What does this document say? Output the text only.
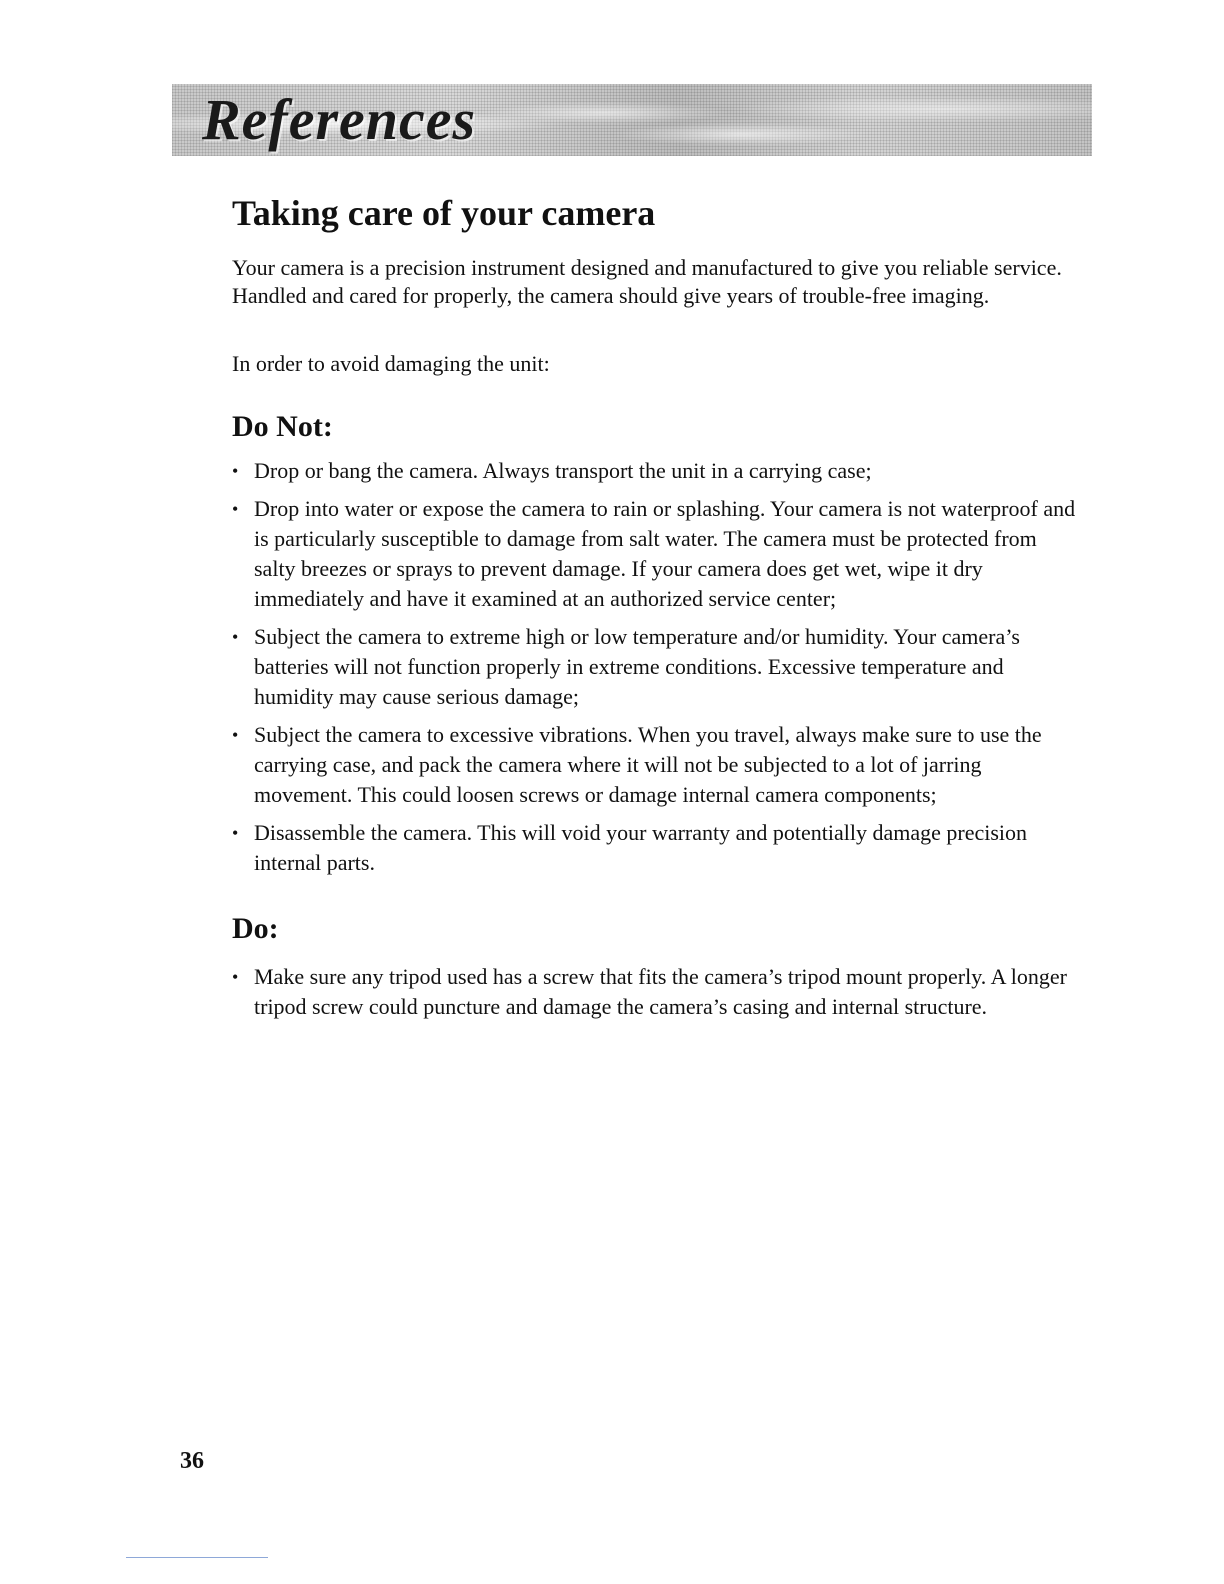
References
Taking care of your camera

Your camera is a precision instrument designed and manufactured to give you reliable service. Handled and cared for properly, the camera should give years of trouble-free imaging.

In order to avoid damaging the unit:

Do Not:
• Drop or bang the camera. Always transport the unit in a carrying case;
• Drop into water or expose the camera to rain or splashing. Your camera is not waterproof and is particularly susceptible to damage from salt water. The camera must be protected from salty breezes or sprays to prevent damage. If your camera does get wet, wipe it dry immediately and have it examined at an authorized service center;
• Subject the camera to extreme high or low temperature and/or humidity. Your camera’s batteries will not function properly in extreme conditions. Excessive temperature and humidity may cause serious damage;
• Subject the camera to excessive vibrations. When you travel, always make sure to use the carrying case, and pack the camera where it will not be subjected to a lot of jarring movement. This could loosen screws or damage internal camera components;
• Disassemble the camera. This will void your warranty and potentially damage precision internal parts.
Do:
• Make sure any tripod used has a screw that fits the camera’s tripod mount properly. A longer tripod screw could puncture and damage the camera’s casing and internal structure.
36
